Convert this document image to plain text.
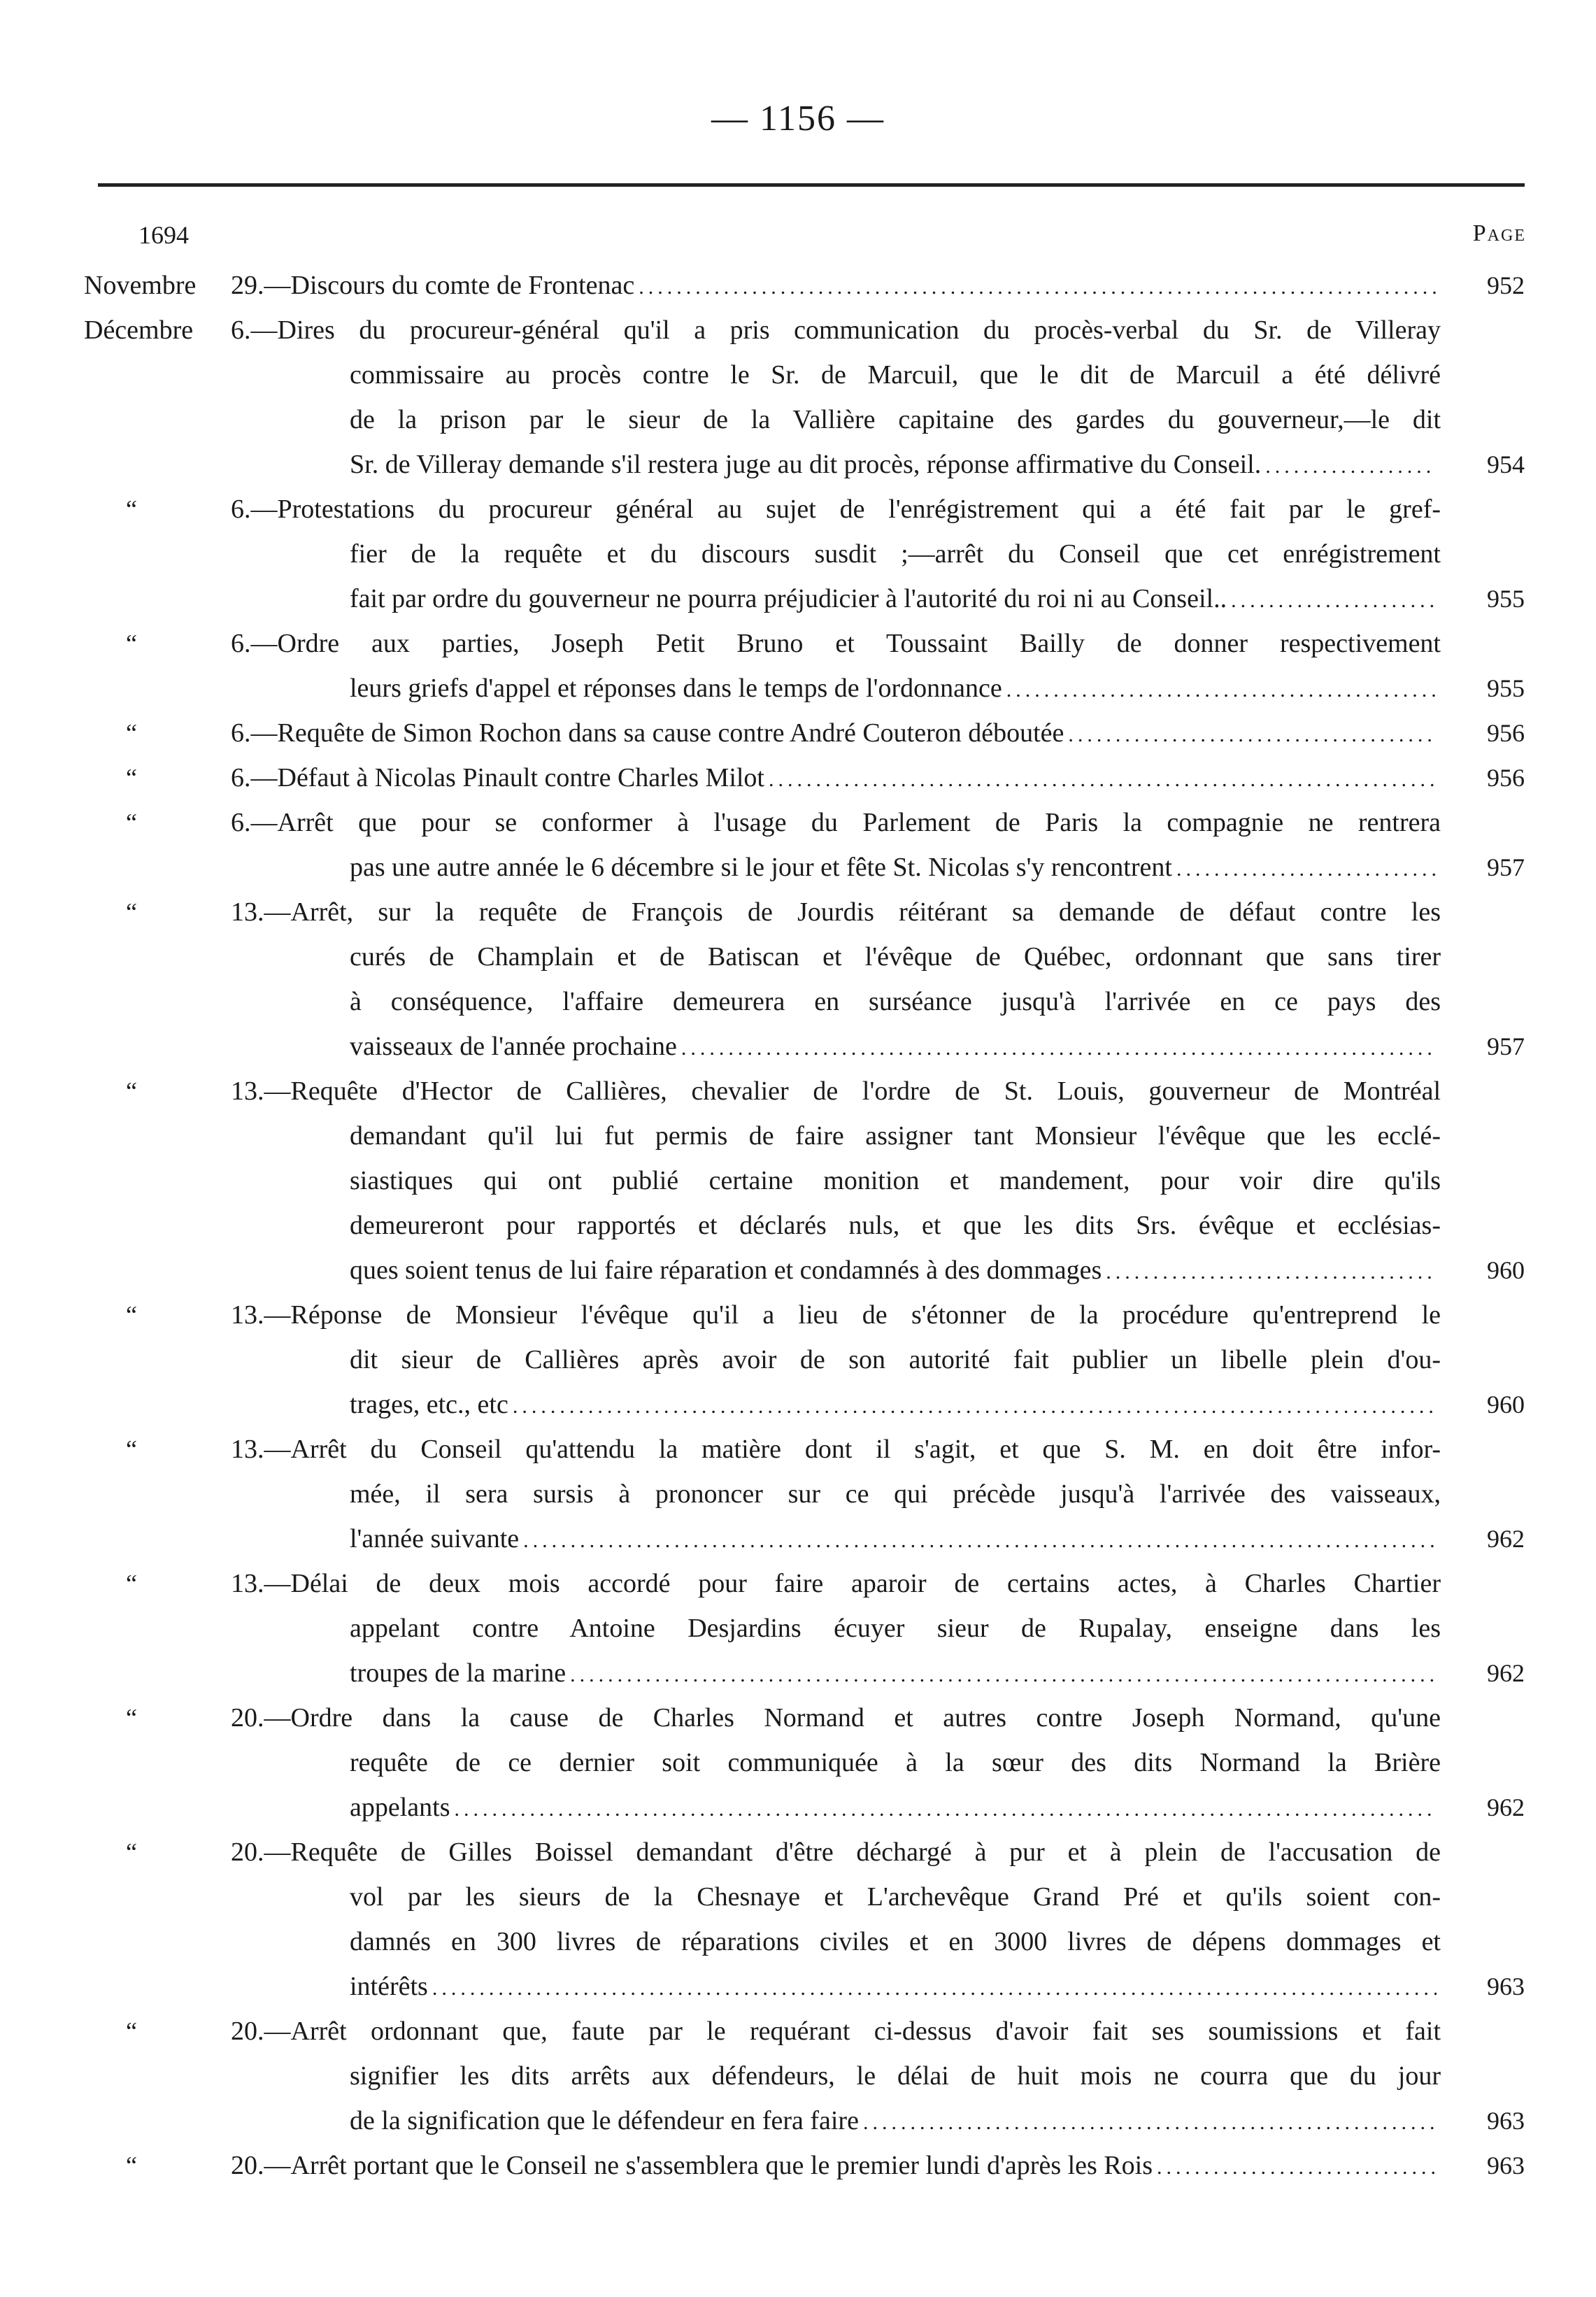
— 1156 —
1694	Page
Novembre 29.—Discours du comte de Frontenac .....	952
Décembre 6.—Dires du procureur-général qu'il a pris communication du procès-verbal du Sr. de Villeray
commissaire au procès contre le Sr. de Marcuil, que le dit de Marcuil a été délivré
de la prison par le sieur de la Vallière capitaine des gardes du gouverneur,—le dit
Sr. de Villeray demande s'il restera juge au dit procès, réponse affirmative du Conseil. .....	954
“	6.—Protestations du procureur général au sujet de l'enrégistrement qui a été fait par le gref-
fier de la requête et du discours susdit ;—arrêt du Conseil que cet enrégistrement
fait par ordre du gouverneur ne pourra préjudicier à l'autorité du roi ni au Conseil.. .....	955
“	6.—Ordre aux parties, Joseph Petit Bruno et Toussaint Bailly de donner respectivement
leurs griefs d'appel et réponses dans le temps de l'ordonnance .....	955
“	6.—Requête de Simon Rochon dans sa cause contre André Couteron déboutée .....	956
“	6.—Défaut à Nicolas Pinault contre Charles Milot .....	956
“	6.—Arrêt que pour se conformer à l'usage du Parlement de Paris la compagnie ne rentrera
pas une autre année le 6 décembre si le jour et fête St. Nicolas s'y rencontrent .....	957
“	13.—Arrêt, sur la requête de François de Jourdis réitérant sa demande de défaut contre les
curés de Champlain et de Batiscan et l'évêque de Québec, ordonnant que sans tirer
à conséquence, l'affaire demeurera en surséance jusqu'à l'arrivée en ce pays des
vaisseaux de l'année prochaine .....	957
“	13.—Requête d'Hector de Callières, chevalier de l'ordre de St. Louis, gouverneur de Montréal
demandant qu'il lui fut permis de faire assigner tant Monsieur l'évêque que les ecclé-
siastiques qui ont publié certaine monition et mandement, pour voir dire qu'ils
demeureront pour rapportés et déclarés nuls, et que les dits Srs. évêque et ecclésias-
ques soient tenus de lui faire réparation et condamnés à des dommages .....	960
“	13.—Réponse de Monsieur l'évêque qu'il a lieu de s'étonner de la procédure qu'entreprend le
dit sieur de Callières après avoir de son autorité fait publier un libelle plein d'ou-
trages, etc., etc .....	960
“	13.—Arrêt du Conseil qu'attendu la matière dont il s'agit, et que S. M. en doit être infor-
mée, il sera sursis à prononcer sur ce qui précède jusqu'à l'arrivée des vaisseaux,
l'année suivante .....	962
“	13.—Délai de deux mois accordé pour faire aparoir de certains actes, à Charles Chartier
appelant contre Antoine Desjardins écuyer sieur de Rupalay, enseigne dans les
troupes de la marine .....	962
“	20.—Ordre dans la cause de Charles Normand et autres contre Joseph Normand, qu'une
requête de ce dernier soit communiquée à la sœur des dits Normand la Brière
appelants .....	962
“	20.—Requête de Gilles Boissel demandant d'être déchargé à pur et à plein de l'accusation de
vol par les sieurs de la Chesnaye et L'archevêque Grand Pré et qu'ils soient con-
damnés en 300 livres de réparations civiles et en 3000 livres de dépens dommages et
intérêts .....	963
“	20.—Arrêt ordonnant que, faute par le requérant ci-dessus d'avoir fait ses soumissions et fait
signifier les dits arrêts aux défendeurs, le délai de huit mois ne courra que du jour
de la signification que le défendeur en fera faire .....	963
“	20.—Arrêt portant que le Conseil ne s'assemblera que le premier lundi d'après les Rois .....	963
